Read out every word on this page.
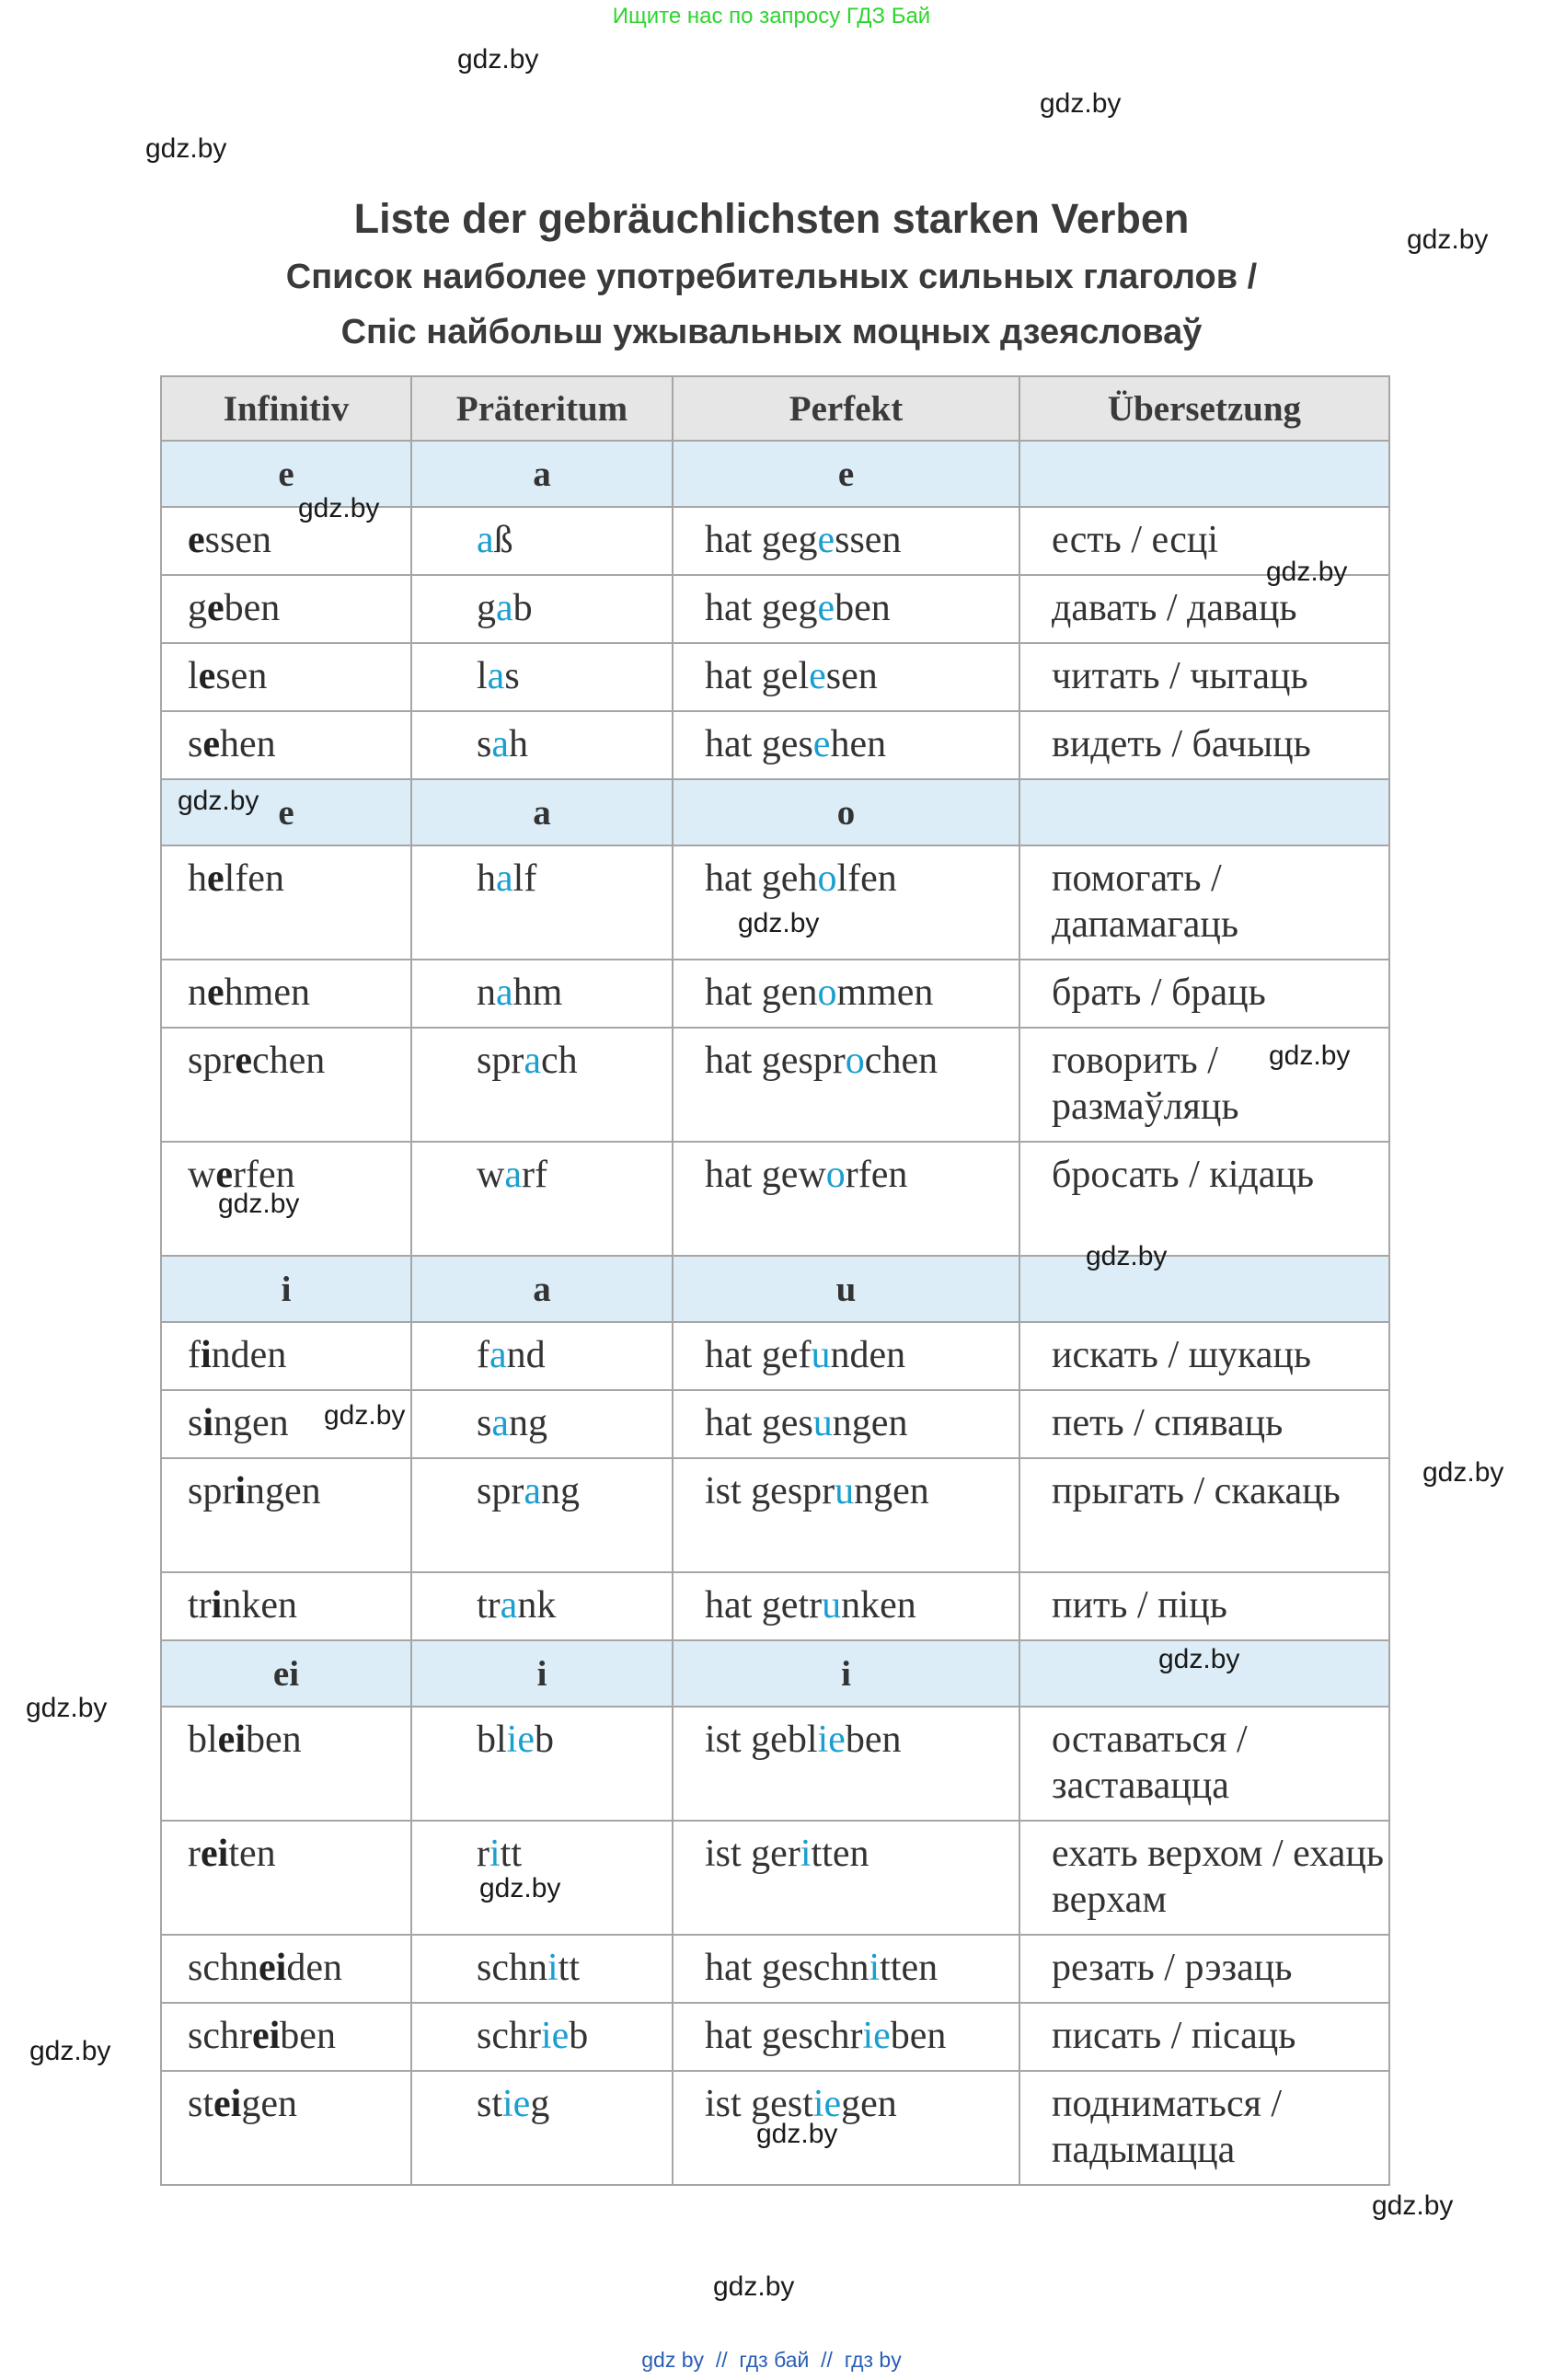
Ищите нас по запросу ГДЗ Бай
gdz.by
gdz.by
gdz.by
gdz.by
Liste der gebräuchlichsten starken Verben
Список наиболее употребительных сильных глаголов /
Спіс найбольш ужывальных моцных дзеясловаў
Infinitiv	Präteritum	Perfekt	Übersetzung
e	a	e	
essen	aß	hat gegessen	есть / есці
geben	gab	hat gegeben	давать / даваць
lesen	las	hat gelesen	читать / чытаць
sehen	sah	hat gesehen	видеть / бачыць
e	a	o	
helfen	half	hat geholfen	помогать / дапамагаць
nehmen	nahm	hat genommen	брать / браць
sprechen	sprach	hat gesprochen	говорить / размаўляць
werfen	warf	hat geworfen	бросать / кідаць
i	a	u	
finden	fand	hat gefunden	искать / шукаць
singen	sang	hat gesungen	петь / спяваць
springen	sprang	ist gesprungen	прыгать / скакаць
trinken	trank	hat getrunken	пить / піць
ei	i	i	
bleiben	blieb	ist geblieben	оставаться / заставацца
reiten	ritt	ist geritten	ехать верхом / ехаць верхам
schneiden	schnitt	hat geschnitten	резать / рэзаць
schreiben	schrieb	hat geschrieben	писать / пісаць
steigen	stieg	ist gestiegen	подниматься / падымацца
gdz.by
gdz.by
gdz.by
gdz.by
gdz.by
gdz.by
gdz.by
gdz.by
gdz.by
gdz.by
gdz.by
gdz.by
gdz.by
gdz.by
gdz.by
gdz.by
gdz by // гдз бай // гдз by
